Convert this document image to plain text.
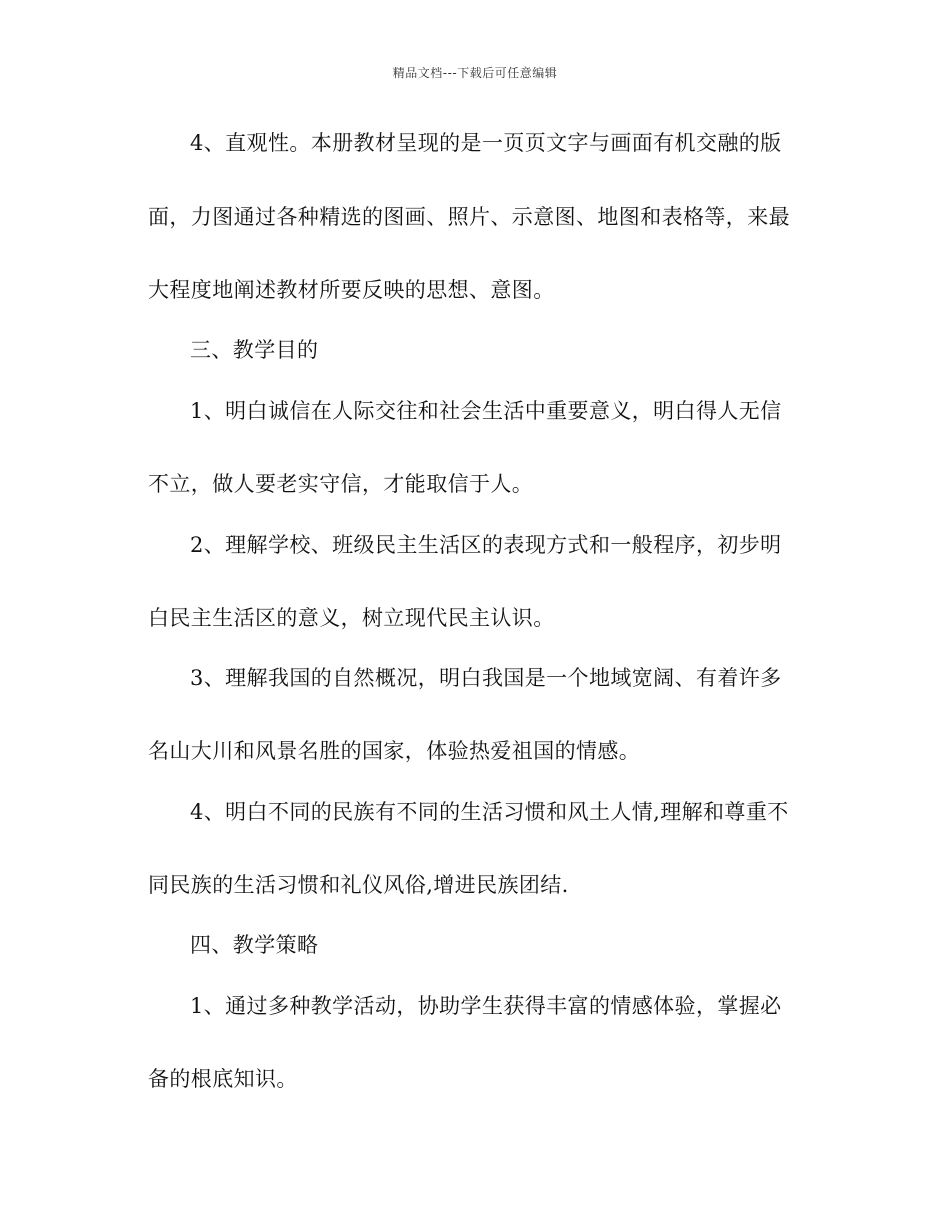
精品文档---下载后可任意编辑
4、直观性。本册教材呈现的是一页页文字与画面有机交融的版
面，力图通过各种精选的图画、照片、示意图、地图和表格等，来最
大程度地阐述教材所要反映的思想、意图。
三、教学目的
1、明白诚信在人际交往和社会生活中重要意义，明白得人无信
不立，做人要老实守信，才能取信于人。
2、理解学校、班级民主生活区的表现方式和一般程序，初步明
白民主生活区的意义，树立现代民主认识。
3、理解我国的自然概况，明白我国是一个地域宽阔、有着许多
名山大川和风景名胜的国家，体验热爱祖国的情感。
4、明白不同的民族有不同的生活习惯和风土人情,理解和尊重不
同民族的生活习惯和礼仪风俗,增进民族团结.
四、教学策略
1、通过多种教学活动，协助学生获得丰富的情感体验，掌握必
备的根底知识。
